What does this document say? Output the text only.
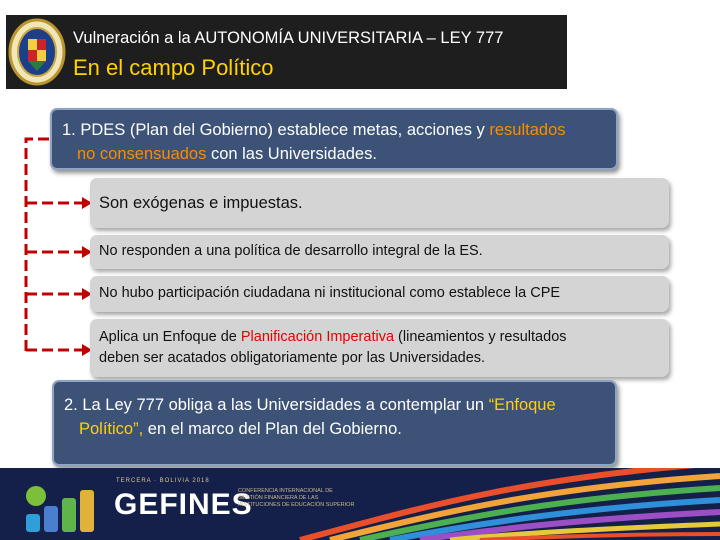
Vulneración a la AUTONOMÍA UNIVERSITARIA – LEY 777
En el campo Político
1. PDES (Plan del Gobierno) establece metas, acciones y resultados
no consensuados con las Universidades.
Son exógenas e impuestas.
No responden a una política de desarrollo integral de la ES.
No hubo participación ciudadana ni institucional como establece la CPE
Aplica un Enfoque de Planificación Imperativa (lineamientos y resultados
deben ser acatados obligatoriamente por las Universidades.
2. La Ley 777 obliga a las Universidades a contemplar un “Enfoque
Político”, en el marco del Plan del Gobierno.
TERCERA · BOLIVIA 2018
GEFINES
CONFERENCIA INTERNACIONAL DE GESTIÓN FINANCIERA DE LAS INSTITUCIONES DE EDUCACIÓN SUPERIOR
